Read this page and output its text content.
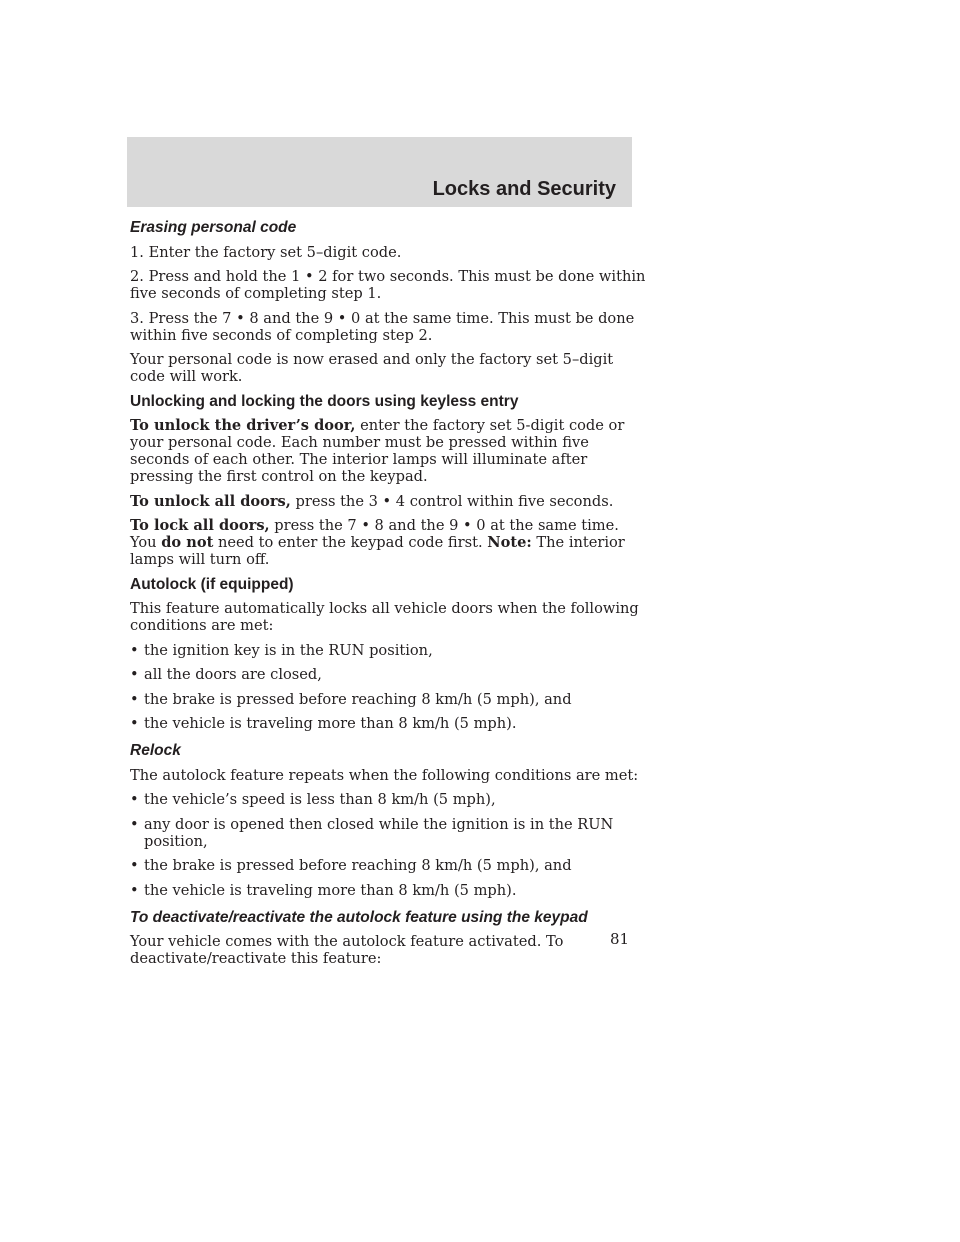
Locks and Security

Erasing personal code

1. Enter the factory set 5–digit code.

2. Press and hold the 1 • 2 for two seconds. This must be done within five seconds of completing step 1.

3. Press the 7 • 8 and the 9 • 0 at the same time. This must be done within five seconds of completing step 2.

Your personal code is now erased and only the factory set 5–digit code will work.

Unlocking and locking the doors using keyless entry

To unlock the driver’s door, enter the factory set 5-digit code or your personal code. Each number must be pressed within five seconds of each other. The interior lamps will illuminate after pressing the first control on the keypad.

To unlock all doors, press the 3 • 4 control within five seconds.

To lock all doors, press the 7 • 8 and the 9 • 0 at the same time. You do not need to enter the keypad code first. Note: The interior lamps will turn off.

Autolock (if equipped)

This feature automatically locks all vehicle doors when the following conditions are met:

• the ignition key is in the RUN position,
• all the doors are closed,
• the brake is pressed before reaching 8 km/h (5 mph), and
• the vehicle is traveling more than 8 km/h (5 mph).

Relock

The autolock feature repeats when the following conditions are met:

• the vehicle’s speed is less than 8 km/h (5 mph),
• any door is opened then closed while the ignition is in the RUN position,
• the brake is pressed before reaching 8 km/h (5 mph), and
• the vehicle is traveling more than 8 km/h (5 mph).

To deactivate/reactivate the autolock feature using the keypad

Your vehicle comes with the autolock feature activated. To deactivate/reactivate this feature:

81
